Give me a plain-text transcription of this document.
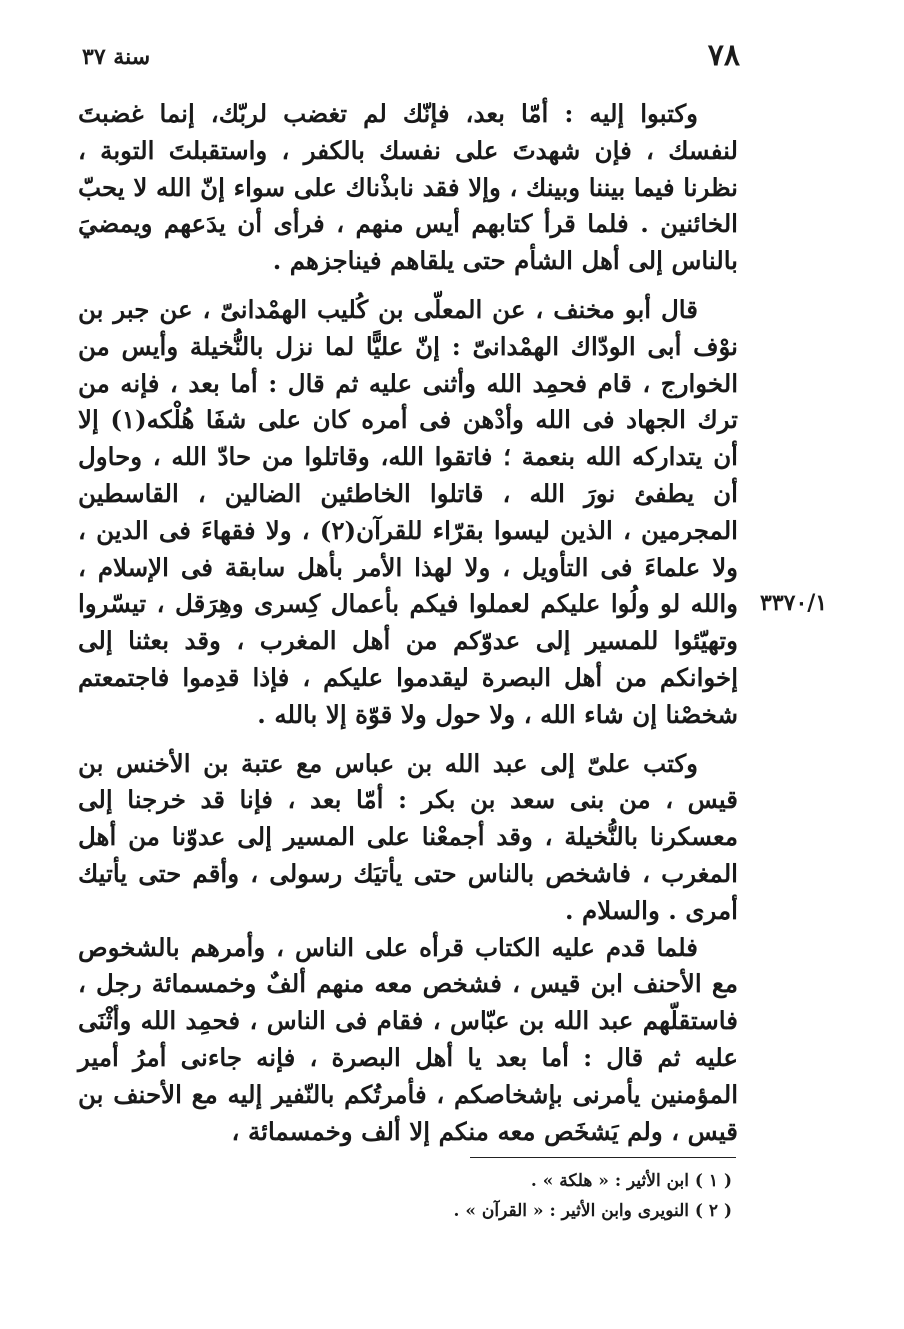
٧٨
سنة ٣٧

وكتبوا إليه : أمّا بعد، فإنّك لم تغضب لربّك، إنما غضبتَ لنفسك ، فإن شهدتَ على نفسك بالكفر ، واستقبلتَ التوبة ، نظرنا فيما بيننا وبينك ، وإلا فقد نابذْناك على سواء إنّ الله لا يحبّ الخائنين . فلما قرأ كتابهم أيس منهم ، فرأى أن يدَعهم ويمضيَ بالناس إلى أهل الشأم حتى يلقاهم فيناجزهم .

قال أبو مخنف ، عن المعلّى بن كُليب الهمْدانىّ ، عن جبر بن نوْف أبى الودّاك الهمْدانىّ : إنّ عليًّا لما نزل بالنُّخيلة وأيس من الخوارج ، قام فحمِد الله وأثنى عليه ثم قال : أما بعد ، فإنه من ترك الجهاد فى الله وأدْهن فى أمره كان على شفَا هُلْكه(١) إلا أن يتداركه الله بنعمة ؛ فاتقوا الله، وقاتلوا من حادّ الله ، وحاول أن يطفئ نورَ الله ، قاتلوا الخاطئين الضالين ، القاسطين المجرمين ، الذين ليسوا بقرّاء للقرآن(٢) ، ولا فقهاءَ فى الدين ، ولا علماءَ فى التأويل ، ولا لهذا الأمر بأهل سابقة فى الإسلام ، والله لو ولُوا عليكم لعملوا فيكم بأعمال كِسرى وهِرَقل ، تيسّروا وتهيّئوا للمسير إلى عدوّكم من أهل المغرب ، وقد بعثنا إلى إخوانكم من أهل البصرة ليقدموا عليكم ، فإذا قدِموا فاجتمعتم شخصْنا إن شاء الله ، ولا حول ولا قوّة إلا بالله .

وكتب علىّ إلى عبد الله بن عباس مع عتبة بن الأخنس بن قيس ، من بنى سعد بن بكر : أمّا بعد ، فإنا قد خرجنا إلى معسكرنا بالنُّخيلة ، وقد أجمعْنا على المسير إلى عدوّنا من أهل المغرب ، فاشخص بالناس حتى يأتيَك رسولى ، وأقم حتى يأتيك أمرى . والسلام .

فلما قدم عليه الكتاب قرأه على الناس ، وأمرهم بالشخوص مع الأحنف ابن قيس ، فشخص معه منهم ألفٌ وخمسمائة رجل ، فاستقلّهم عبد الله بن عبّاس ، فقام فى الناس ، فحمِد الله وأثْنَى عليه ثم قال : أما بعد يا أهل البصرة ، فإنه جاءنى أمرُ أمير المؤمنين يأمرنى بإشخاصكم ، فأمرتُكم بالنّفير إليه مع الأحنف بن قيس ، ولم يَشخَص معه منكم إلا ألف وخمسمائة ،

٣٣٧٠/١

( ١ ) ابن الأثير : « هلكة » .

( ٢ ) النويرى وابن الأثير : « القرآن » .
